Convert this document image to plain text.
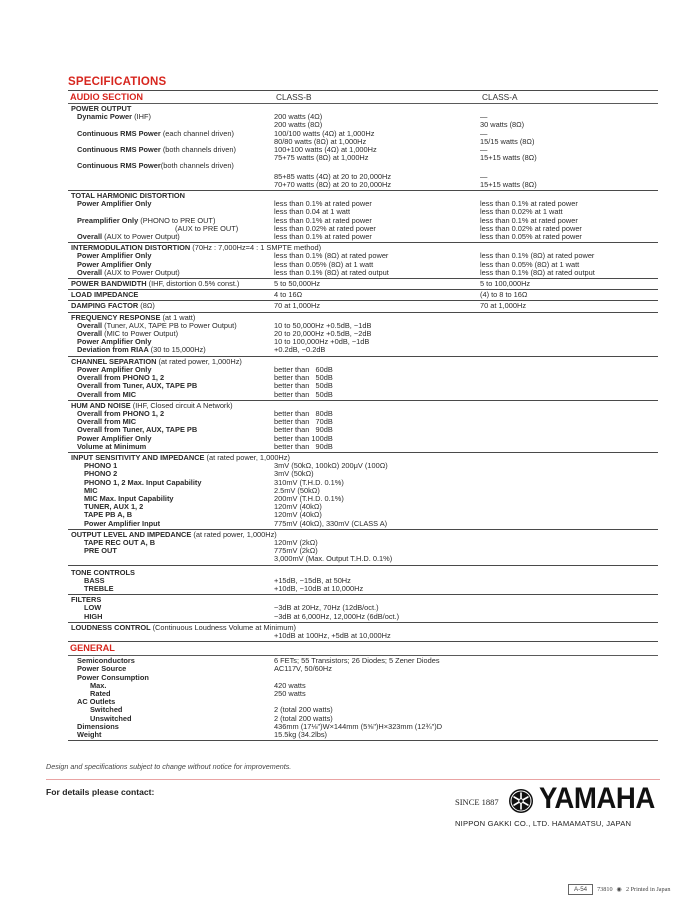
SPECIFICATIONS
AUDIO SECTION	CLASS-B	CLASS-A
POWER OUTPUT
Dynamic Power (IHF)	200 watts (4Ω)	—
200 watts (8Ω)	30 watts (8Ω)
Continuous RMS Power (each channel driven)	100/100 watts (4Ω) at 1,000Hz	—
80/80 watts (8Ω) at 1,000Hz	15/15 watts (8Ω)
Continuous RMS Power (both channels driven)	100+100 watts (4Ω) at 1,000Hz	—
75+75 watts (8Ω) at 1,000Hz	15+15 watts (8Ω)
Continuous RMS Power(both channels driven)
85+85 watts (4Ω) at 20 to 20,000Hz	—
70+70 watts (8Ω) at 20 to 20,000Hz	15+15 watts (8Ω)
TOTAL HARMONIC DISTORTION
Power Amplifier Only	less than 0.1% at rated power	less than 0.1% at rated power
less than 0.04 at 1 watt	less than 0.02% at 1 watt
Preamplifier Only (PHONO to PRE OUT)	less than 0.1% at rated power	less than 0.1% at rated power
(AUX to PRE OUT)	less than 0.02% at rated power	less than 0.02% at rated power
Overall (AUX to Power Output)	less than 0.1% at rated power	less than 0.05% at rated power
INTERMODULATION DISTORTION (70Hz : 7,000Hz=4 : 1 SMPTE method)
Power Amplifier Only	less than 0.1% (8Ω) at rated power	less than 0.1% (8Ω) at rated power
Power Amplifier Only	less than 0.05% (8Ω) at 1 watt	less than 0.05% (8Ω) at 1 watt
Overall (AUX to Power Output)	less than 0.1% (8Ω) at rated output	less than 0.1% (8Ω) at rated output
POWER BANDWIDTH (IHF, distortion 0.5% const.)	5 to 50,000Hz	5 to 100,000Hz
LOAD IMPEDANCE	4 to 16Ω	(4) to 8 to 16Ω
DAMPING FACTOR (8Ω)	70 at 1,000Hz	70 at 1,000Hz
FREQUENCY RESPONSE (at 1 watt)
Overall (Tuner, AUX, TAPE PB to Power Output)	10 to 50,000Hz +0.5dB, −1dB
Overall (MIC to Power Output)	20 to 20,000Hz +0.5dB, −2dB
Power Amplifier Only	10 to 100,000Hz +0dB, −1dB
Deviation from RIAA (30 to 15,000Hz)	+0.2dB, −0.2dB
CHANNEL SEPARATION (at rated power, 1,000Hz)
Power Amplifier Only	better than   60dB
Overall from PHONO 1, 2	better than   50dB
Overall from Tuner, AUX, TAPE PB	better than   50dB
Overall from MIC	better than   50dB
HUM AND NOISE (IHF, Closed circuit A Network)
Overall from PHONO 1, 2	better than   80dB
Overall from MIC	better than   70dB
Overall from Tuner, AUX, TAPE PB	better than   90dB
Power Amplifier Only	better than 100dB
Volume at Minimum	better than   90dB
INPUT SENSITIVITY AND IMPEDANCE (at rated power, 1,000Hz)
PHONO 1	3mV (50kΩ, 100kΩ) 200μV (100Ω)
PHONO 2	3mV (50kΩ)
PHONO 1, 2 Max. Input Capability	310mV (T.H.D. 0.1%)
MIC	2.5mV (50kΩ)
MIC Max. Input Capability	200mV (T.H.D. 0.1%)
TUNER, AUX 1, 2	120mV (40kΩ)
TAPE PB A, B	120mV (40kΩ)
Power Amplifier Input	775mV (40kΩ), 330mV (CLASS A)
OUTPUT LEVEL AND IMPEDANCE (at rated power, 1,000Hz)
TAPE REC OUT A, B	120mV (2kΩ)
PRE OUT	775mV (2kΩ)
3,000mV (Max. Output T.H.D. 0.1%)
TONE CONTROLS
BASS	+15dB, −15dB, at 50Hz
TREBLE	+10dB, −10dB at 10,000Hz
FILTERS
LOW	−3dB at 20Hz, 70Hz (12dB/oct.)
HIGH	−3dB at 6,000Hz, 12,000Hz (6dB/oct.)
LOUDNESS CONTROL (Continuous Loudness Volume at Minimum)
+10dB at 100Hz, +5dB at 10,000Hz
GENERAL
Semiconductors	6 FETs; 55 Transistors; 26 Diodes; 5 Zener Diodes
Power Source	AC117V, 50/60Hz
Power Consumption
Max.	420 watts
Rated	250 watts
AC Outlets
Switched	2 (total 200 watts)
Unswitched	2 (total 200 watts)
Dimensions	436mm (17⅛")W×144mm (5⅝")H×323mm (12¾")D
Weight	15.5kg (34.2lbs)
Design and specifications subject to change without notice for improvements.
For details please contact:
SINCE 1887 YAMAHA
NIPPON GAKKI CO., LTD. HAMAMATSU, JAPAN
A-54	73810 ◉ 2 Printed in Japan
